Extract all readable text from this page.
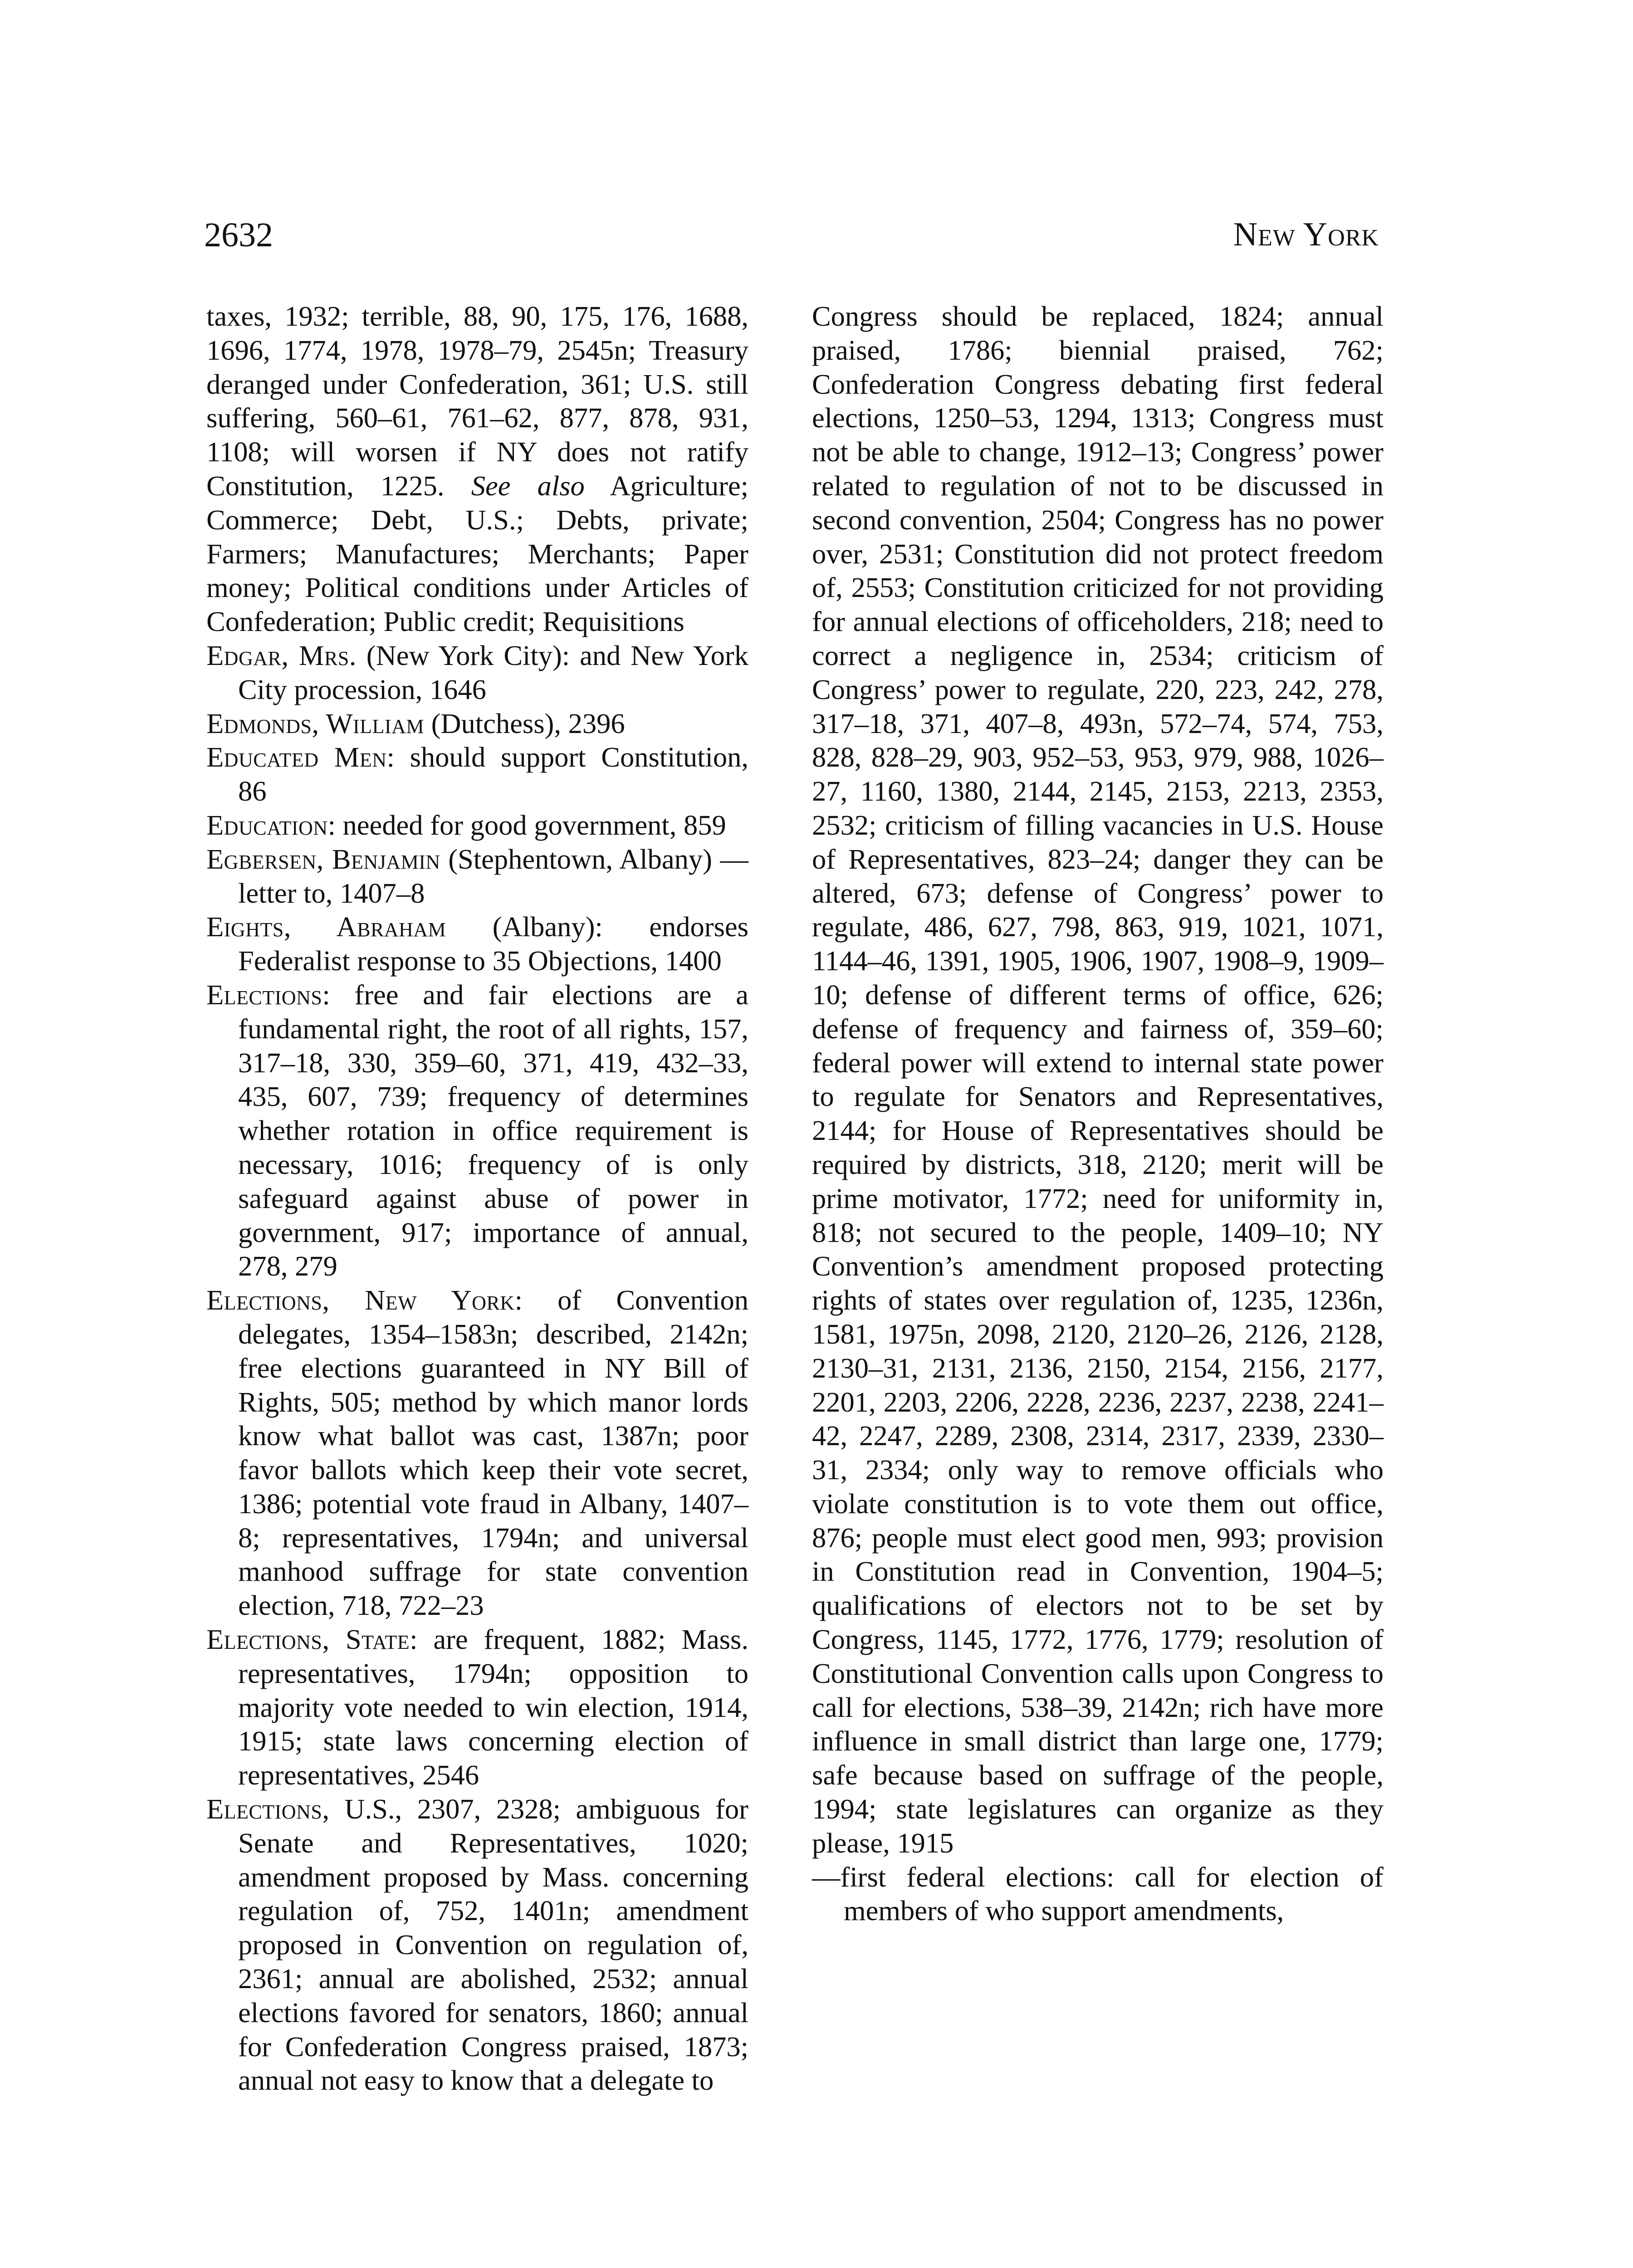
2632	New York

taxes, 1932; terrible, 88, 90, 175, 176, 1688, 1696, 1774, 1978, 1978–79, 2545n; Treasury deranged under Confederation, 361; U.S. still suffering, 560–61, 761–62, 877, 878, 931, 1108; will worsen if NY does not ratify Constitution, 1225. See also Agriculture; Commerce; Debt, U.S.; Debts, private; Farmers; Manufactures; Merchants; Paper money; Political conditions under Articles of Confederation; Public credit; Requisitions

Edgar, Mrs. (New York City): and New York City procession, 1646

Edmonds, William (Dutchess), 2396

Educated Men: should support Constitution, 86

Education: needed for good government, 859

Egbersen, Benjamin (Stephentown, Albany) —letter to, 1407–8

Eights, Abraham (Albany): endorses Federalist response to 35 Objections, 1400

Elections: free and fair elections are a fundamental right, the root of all rights, 157, 317–18, 330, 359–60, 371, 419, 432–33, 435, 607, 739; frequency of determines whether rotation in office requirement is necessary, 1016; frequency of is only safeguard against abuse of power in government, 917; importance of annual, 278, 279

Elections, New York: of Convention delegates, 1354–1583n; described, 2142n; free elections guaranteed in NY Bill of Rights, 505; method by which manor lords know what ballot was cast, 1387n; poor favor ballots which keep their vote secret, 1386; potential vote fraud in Albany, 1407–8; representatives, 1794n; and universal manhood suffrage for state convention election, 718, 722–23

Elections, State: are frequent, 1882; Mass. representatives, 1794n; opposition to majority vote needed to win election, 1914, 1915; state laws concerning election of representatives, 2546

Elections, U.S., 2307, 2328; ambiguous for Senate and Representatives, 1020; amendment proposed by Mass. concerning regulation of, 752, 1401n; amendment proposed in Convention on regulation of, 2361; annual are abolished, 2532; annual elections favored for senators, 1860; annual for Confederation Congress praised, 1873; annual not easy to know that a delegate to

Congress should be replaced, 1824; annual praised, 1786; biennial praised, 762; Confederation Congress debating first federal elections, 1250–53, 1294, 1313; Congress must not be able to change, 1912–13; Congress’ power related to regulation of not to be discussed in second convention, 2504; Congress has no power over, 2531; Constitution did not protect freedom of, 2553; Constitution criticized for not providing for annual elections of officeholders, 218; need to correct a negligence in, 2534; criticism of Congress’ power to regulate, 220, 223, 242, 278, 317–18, 371, 407–8, 493n, 572–74, 574, 753, 828, 828–29, 903, 952–53, 953, 979, 988, 1026–27, 1160, 1380, 2144, 2145, 2153, 2213, 2353, 2532; criticism of filling vacancies in U.S. House of Representatives, 823–24; danger they can be altered, 673; defense of Congress’ power to regulate, 486, 627, 798, 863, 919, 1021, 1071, 1144–46, 1391, 1905, 1906, 1907, 1908–9, 1909–10; defense of different terms of office, 626; defense of frequency and fairness of, 359–60; federal power will extend to internal state power to regulate for Senators and Representatives, 2144; for House of Representatives should be required by districts, 318, 2120; merit will be prime motivator, 1772; need for uniformity in, 818; not secured to the people, 1409–10; NY Convention’s amendment proposed protecting rights of states over regulation of, 1235, 1236n, 1581, 1975n, 2098, 2120, 2120–26, 2126, 2128, 2130–31, 2131, 2136, 2150, 2154, 2156, 2177, 2201, 2203, 2206, 2228, 2236, 2237, 2238, 2241–42, 2247, 2289, 2308, 2314, 2317, 2339, 2330–31, 2334; only way to remove officials who violate constitution is to vote them out office, 876; people must elect good men, 993; provision in Constitution read in Convention, 1904–5; qualifications of electors not to be set by Congress, 1145, 1772, 1776, 1779; resolution of Constitutional Convention calls upon Congress to call for elections, 538–39, 2142n; rich have more influence in small district than large one, 1779; safe because based on suffrage of the people, 1994; state legislatures can organize as they please, 1915

—first federal elections: call for election of members of who support amendments,
